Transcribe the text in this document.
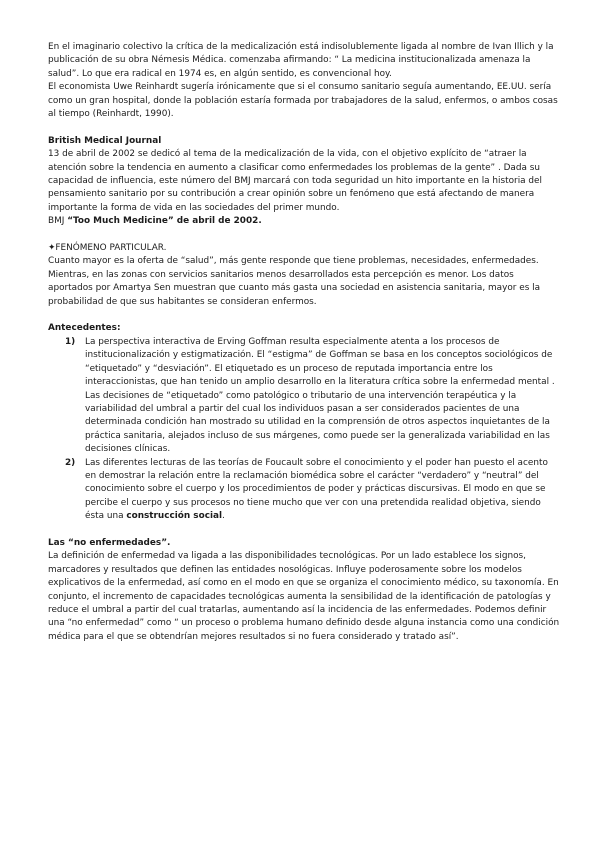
En el imaginario colectivo la crítica de la medicalización está indisolublemente ligada al nombre de Ivan Illich y la publicación de su obra Némesis Médica. comenzaba afirmando: “ La medicina institucionalizada amenaza la salud”. Lo que era radical en 1974 es, en algún sentido, es convencional hoy.

El economista Uwe Reinhardt sugería irónicamente que si el consumo sanitario seguía aumentando, EE.UU. sería como un gran hospital, donde la población estaría formada por trabajadores de la salud, enfermos, o ambos cosas al tiempo (Reinhardt, 1990).

British Medical Journal

13 de abril de 2002 se dedicó al tema de la medicalización de la vida, con el objetivo explícito de “atraer la atención sobre la tendencia en aumento a clasificar como enfermedades los problemas de la gente” . Dada su capacidad de influencia, este número del BMJ marcará con toda seguridad un hito importante en la historia del pensamiento sanitario por su contribución a crear opinión sobre un fenómeno que está afectando de manera importante la forma de vida en las sociedades del primer mundo.

BMJ “Too Much Medicine” de abril de 2002.

✦FENÓMENO PARTICULAR.

Cuanto mayor es la oferta de “salud”, más gente responde que tiene problemas, necesidades, enfermedades. Mientras, en las zonas con servicios sanitarios menos desarrollados esta percepción es menor. Los datos aportados por Amartya Sen muestran que cuanto más gasta una sociedad en asistencia sanitaria, mayor es la probabilidad de que sus habitantes se consideran enfermos.

Antecedentes:

1) La perspectiva interactiva de Erving Goffman resulta especialmente atenta a los procesos de institucionalización y estigmatización. El “estigma” de Goffman se basa en los conceptos sociológicos de “etiquetado” y “desviación”. El etiquetado es un proceso de reputada importancia entre los interaccionistas, que han tenido un amplio desarrollo en la literatura crítica sobre la enfermedad mental . Las decisiones de “etiquetado” como patológico o tributario de una intervención terapéutica y la variabilidad del umbral a partir del cual los individuos pasan a ser considerados pacientes de una determinada condición han mostrado su utilidad en la comprensión de otros aspectos inquietantes de la práctica sanitaria, alejados incluso de sus márgenes, como puede ser la generalizada variabilidad en las decisiones clínicas.
2) Las diferentes lecturas de las teorías de Foucault sobre el conocimiento y el poder han puesto el acento en demostrar la relación entre la reclamación biomédica sobre el carácter “verdadero” y “neutral” del conocimiento sobre el cuerpo y los procedimientos de poder y prácticas discursivas. El modo en que se percibe el cuerpo y sus procesos no tiene mucho que ver con una pretendida realidad objetiva, siendo ésta una construcción social.

Las “no enfermedades”.

La definición de enfermedad va ligada a las disponibilidades tecnológicas. Por un lado establece los signos, marcadores y resultados que definen las entidades nosológicas. Influye poderosamente sobre los modelos explicativos de la enfermedad, así como en el modo en que se organiza el conocimiento médico, su taxonomía. En conjunto, el incremento de capacidades tecnológicas aumenta la sensibilidad de la identificación de patologías y reduce el umbral a partir del cual tratarlas, aumentando así la incidencia de las enfermedades. Podemos definir una “no enfermedad” como “ un proceso o problema humano definido desde alguna instancia como una condición médica para el que se obtendrían mejores resultados si no fuera considerado y tratado así”.
